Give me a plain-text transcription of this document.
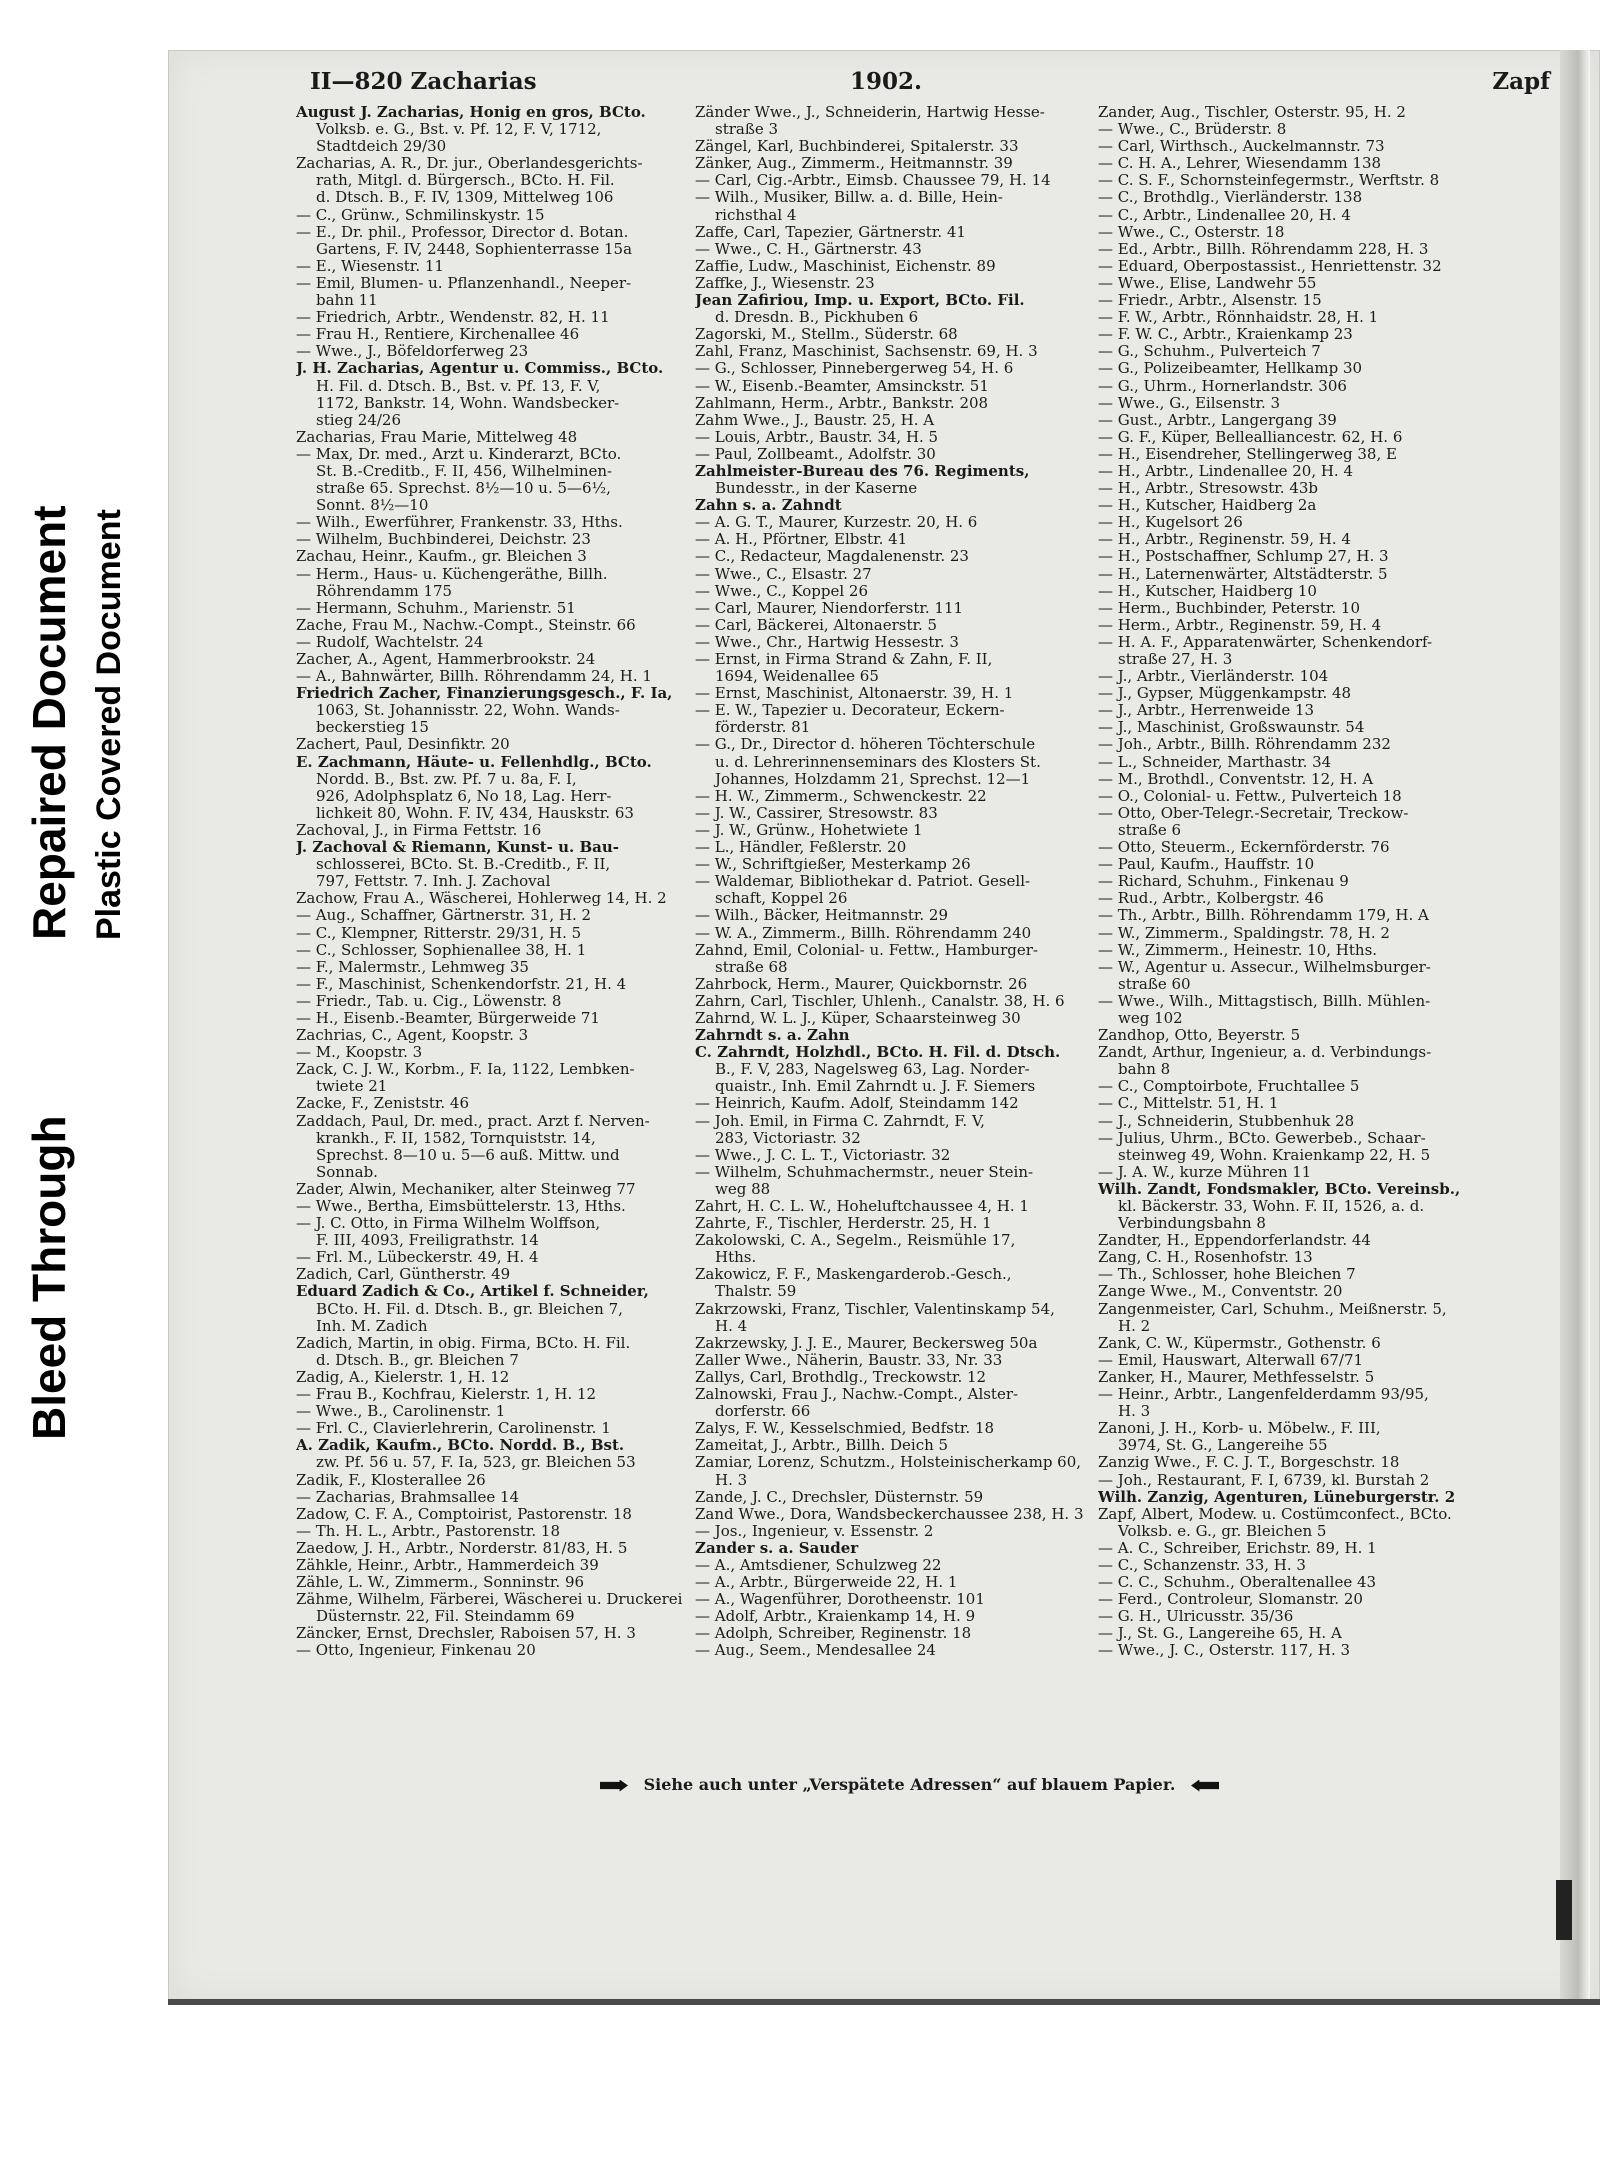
Bleed Through
Repaired Document Plastic Covered Document
II—820 Zacharias	1902.	Zapf
August J. Zacharias, Honig en gros, BCto.
Volksb. e. G., Bst. v. Pf. 12, F. V, 1712,
Stadtdeich 29/30
Zacharias, A. R., Dr. jur., Oberlandesgerichts-
rath, Mitgl. d. Bürgersch., BCto. H. Fil.
d. Dtsch. B., F. IV, 1309, Mittelweg 106
— C., Grünw., Schmilinskystr. 15
— E., Dr. phil., Professor, Director d. Botan.
Gartens, F. IV, 2448, Sophienterrasse 15a
— E., Wiesenstr. 11
— Emil, Blumen- u. Pflanzenhandl., Neeper-
bahn 11
— Friedrich, Arbtr., Wendenstr. 82, H. 11
— Frau H., Rentiere, Kirchenallee 46
— Wwe., J., Böfeldorferweg 23
J. H. Zacharias, Agentur u. Commiss., BCto.
H. Fil. d. Dtsch. B., Bst. v. Pf. 13, F. V,
1172, Bankstr. 14, Wohn. Wandsbecker-
stieg 24/26
Zacharias, Frau Marie, Mittelweg 48
— Max, Dr. med., Arzt u. Kinderarzt, BCto.
St. B.-Creditb., F. II, 456, Wilhelminen-
straße 65. Sprechst. 8½—10 u. 5—6½,
Sonnt. 8½—10
— Wilh., Ewerführer, Frankenstr. 33, Hths.
— Wilhelm, Buchbinderei, Deichstr. 23
Zachau, Heinr., Kaufm., gr. Bleichen 3
— Herm., Haus- u. Küchengeräthe, Billh.
Röhrendamm 175
— Hermann, Schuhm., Marienstr. 51
Zache, Frau M., Nachw.-Compt., Steinstr. 66
— Rudolf, Wachtelstr. 24
Zacher, A., Agent, Hammerbrookstr. 24
— A., Bahnwärter, Billh. Röhrendamm 24, H. 1
Friedrich Zacher, Finanzierungsgesch., F. Ia,
1063, St. Johannisstr. 22, Wohn. Wands-
beckerstieg 15
Zachert, Paul, Desinfiktr. 20
E. Zachmann, Häute- u. Fellenhdlg., BCto.
Nordd. B., Bst. zw. Pf. 7 u. 8a, F. I,
926, Adolphsplatz 6, No 18, Lag. Herr-
lichkeit 80, Wohn. F. IV, 434, Hauskstr. 63
Zachoval, J., in Firma Fettstr. 16
J. Zachoval & Riemann, Kunst- u. Bau-
schlosserei, BCto. St. B.-Creditb., F. II,
797, Fettstr. 7. Inh. J. Zachoval
Zachow, Frau A., Wäscherei, Hohlerweg 14, H. 2
— Aug., Schaffner, Gärtnerstr. 31, H. 2
— C., Klempner, Ritterstr. 29/31, H. 5
— C., Schlosser, Sophienallee 38, H. 1
— F., Malermstr., Lehmweg 35
— F., Maschinist, Schenkendorfstr. 21, H. 4
— Friedr., Tab. u. Cig., Löwenstr. 8
— H., Eisenb.-Beamter, Bürgerweide 71
Zachrias, C., Agent, Koopstr. 3
— M., Koopstr. 3
Zack, C. J. W., Korbm., F. Ia, 1122, Lembken-
twiete 21
Zacke, F., Zeniststr. 46
Zaddach, Paul, Dr. med., pract. Arzt f. Nerven-
krankh., F. II, 1582, Tornquiststr. 14,
Sprechst. 8—10 u. 5—6 auß. Mittw. und
Sonnab.
Zader, Alwin, Mechaniker, alter Steinweg 77
— Wwe., Bertha, Eimsbüttelerstr. 13, Hths.
— J. C. Otto, in Firma Wilhelm Wolffson,
F. III, 4093, Freiligrathstr. 14
— Frl. M., Lübeckerstr. 49, H. 4
Zadich, Carl, Güntherstr. 49
Eduard Zadich & Co., Artikel f. Schneider,
BCto. H. Fil. d. Dtsch. B., gr. Bleichen 7,
Inh. M. Zadich
Zadich, Martin, in obig. Firma, BCto. H. Fil.
d. Dtsch. B., gr. Bleichen 7
Zadig, A., Kielerstr. 1, H. 12
— Frau B., Kochfrau, Kielerstr. 1, H. 12
— Wwe., B., Carolinenstr. 1
— Frl. C., Clavierlehrerin, Carolinenstr. 1
A. Zadik, Kaufm., BCto. Nordd. B., Bst.
zw. Pf. 56 u. 57, F. Ia, 523, gr. Bleichen 53
Zadik, F., Klosterallee 26
— Zacharias, Brahmsallee 14
Zadow, C. F. A., Comptoirist, Pastorenstr. 18
— Th. H. L., Arbtr., Pastorenstr. 18
Zaedow, J. H., Arbtr., Norderstr. 81/83, H. 5
Zähkle, Heinr., Arbtr., Hammerdeich 39
Zähle, L. W., Zimmerm., Sonninstr. 96
Zähme, Wilhelm, Färberei, Wäscherei u. Druckerei
Düsternstr. 22, Fil. Steindamm 69
Zäncker, Ernst, Drechsler, Raboisen 57, H. 3
— Otto, Ingenieur, Finkenau 20
Zänder Wwe., J., Schneiderin, Hartwig Hesse-
straße 3
Zängel, Karl, Buchbinderei, Spitalerstr. 33
Zänker, Aug., Zimmerm., Heitmannstr. 39
— Carl, Cig.-Arbtr., Eimsb. Chaussee 79, H. 14
— Wilh., Musiker, Billw. a. d. Bille, Hein-
richsthal 4
Zaffe, Carl, Tapezier, Gärtnerstr. 41
— Wwe., C. H., Gärtnerstr. 43
Zaffie, Ludw., Maschinist, Eichenstr. 89
Zaffke, J., Wiesenstr. 23
Jean Zafiriou, Imp. u. Export, BCto. Fil.
d. Dresdn. B., Pickhuben 6
Zagorski, M., Stellm., Süderstr. 68
Zahl, Franz, Maschinist, Sachsenstr. 69, H. 3
— G., Schlosser, Pinnebergerweg 54, H. 6
— W., Eisenb.-Beamter, Amsinckstr. 51
Zahlmann, Herm., Arbtr., Bankstr. 208
Zahm Wwe., J., Baustr. 25, H. A
— Louis, Arbtr., Baustr. 34, H. 5
— Paul, Zollbeamt., Adolfstr. 30
Zahlmeister-Bureau des 76. Regiments,
Bundesstr., in der Kaserne
Zahn s. a. Zahndt
— A. G. T., Maurer, Kurzestr. 20, H. 6
— A. H., Pförtner, Elbstr. 41
— C., Redacteur, Magdalenenstr. 23
— Wwe., C., Elsastr. 27
— Wwe., C., Koppel 26
— Carl, Maurer, Niendorferstr. 111
— Carl, Bäckerei, Altonaerstr. 5
— Wwe., Chr., Hartwig Hessestr. 3
— Ernst, in Firma Strand & Zahn, F. II,
1694, Weidenallee 65
— Ernst, Maschinist, Altonaerstr. 39, H. 1
— E. W., Tapezier u. Decorateur, Eckern-
förderstr. 81
— G., Dr., Director d. höheren Töchterschule
u. d. Lehrerinnenseminars des Klosters St.
Johannes, Holzdamm 21, Sprechst. 12—1
— H. W., Zimmerm., Schwenckestr. 22
— J. W., Cassirer, Stresowstr. 83
— J. W., Grünw., Hohetwiete 1
— L., Händler, Feßlerstr. 20
— W., Schriftgießer, Mesterkamp 26
— Waldemar, Bibliothekar d. Patriot. Gesell-
schaft, Koppel 26
— Wilh., Bäcker, Heitmannstr. 29
— W. A., Zimmerm., Billh. Röhrendamm 240
Zahnd, Emil, Colonial- u. Fettw., Hamburger-
straße 68
Zahrbock, Herm., Maurer, Quickbornstr. 26
Zahrn, Carl, Tischler, Uhlenh., Canalstr. 38, H. 6
Zahrnd, W. L. J., Küper, Schaarsteinweg 30
Zahrndt s. a. Zahn
C. Zahrndt, Holzhdl., BCto. H. Fil. d. Dtsch.
B., F. V, 283, Nagelsweg 63, Lag. Norder-
quaistr., Inh. Emil Zahrndt u. J. F. Siemers
— Heinrich, Kaufm. Adolf, Steindamm 142
— Joh. Emil, in Firma C. Zahrndt, F. V,
283, Victoriastr. 32
— Wwe., J. C. L. T., Victoriastr. 32
— Wilhelm, Schuhmachermstr., neuer Stein-
weg 88
Zahrt, H. C. L. W., Hoheluftchaussee 4, H. 1
Zahrte, F., Tischler, Herderstr. 25, H. 1
Zakolowski, C. A., Segelm., Reismühle 17,
Hths.
Zakowicz, F. F., Maskengarderob.-Gesch.,
Thalstr. 59
Zakrzowski, Franz, Tischler, Valentinskamp 54,
H. 4
Zakrzewsky, J. J. E., Maurer, Beckersweg 50a
Zaller Wwe., Näherin, Baustr. 33, Nr. 33
Zallys, Carl, Brothdlg., Treckowstr. 12
Zalnowski, Frau J., Nachw.-Compt., Alster-
dorferstr. 66
Zalys, F. W., Kesselschmied, Bedfstr. 18
Zameitat, J., Arbtr., Billh. Deich 5
Zamiar, Lorenz, Schutzm., Holsteinischerkamp 60,
H. 3
Zande, J. C., Drechsler, Düsternstr. 59
Zand Wwe., Dora, Wandsbeckerchaussee 238, H. 3
— Jos., Ingenieur, v. Essenstr. 2
Zander s. a. Sauder
— A., Amtsdiener, Schulzweg 22
— A., Arbtr., Bürgerweide 22, H. 1
— A., Wagenführer, Dorotheenstr. 101
— Adolf, Arbtr., Kraienkamp 14, H. 9
— Adolph, Schreiber, Reginenstr. 18
— Aug., Seem., Mendesallee 24
Zander, Aug., Tischler, Osterstr. 95, H. 2
— Wwe., C., Brüderstr. 8
— Carl, Wirthsch., Auckelmannstr. 73
— C. H. A., Lehrer, Wiesendamm 138
— C. S. F., Schornsteinfegermstr., Werftstr. 8
— C., Brothdlg., Vierländerstr. 138
— C., Arbtr., Lindenallee 20, H. 4
— Wwe., C., Osterstr. 18
— Ed., Arbtr., Billh. Röhrendamm 228, H. 3
— Eduard, Oberpostassist., Henriettenstr. 32
— Wwe., Elise, Landwehr 55
— Friedr., Arbtr., Alsenstr. 15
— F. W., Arbtr., Rönnhaidstr. 28, H. 1
— F. W. C., Arbtr., Kraienkamp 23
— G., Schuhm., Pulverteich 7
— G., Polizeibeamter, Hellkamp 30
— G., Uhrm., Hornerlandstr. 306
— Wwe., G., Eilsenstr. 3
— Gust., Arbtr., Langergang 39
— G. F., Küper, Bellealliancestr. 62, H. 6
— H., Eisendreher, Stellingerweg 38, E
— H., Arbtr., Lindenallee 20, H. 4
— H., Arbtr., Stresowstr. 43b
— H., Kutscher, Haidberg 2a
— H., Kugelsort 26
— H., Arbtr., Reginenstr. 59, H. 4
— H., Postschaffner, Schlump 27, H. 3
— H., Laternenwärter, Altstädterstr. 5
— H., Kutscher, Haidberg 10
— Herm., Buchbinder, Peterstr. 10
— Herm., Arbtr., Reginenstr. 59, H. 4
— H. A. F., Apparatenwärter, Schenkendorf-
straße 27, H. 3
— J., Arbtr., Vierländerstr. 104
— J., Gypser, Müggenkampstr. 48
— J., Arbtr., Herrenweide 13
— J., Maschinist, Großswaunstr. 54
— Joh., Arbtr., Billh. Röhrendamm 232
— L., Schneider, Marthastr. 34
— M., Brothdl., Conventstr. 12, H. A
— O., Colonial- u. Fettw., Pulverteich 18
— Otto, Ober-Telegr.-Secretair, Treckow-
straße 6
— Otto, Steuerm., Eckernförderstr. 76
— Paul, Kaufm., Hauffstr. 10
— Richard, Schuhm., Finkenau 9
— Rud., Arbtr., Kolbergstr. 46
— Th., Arbtr., Billh. Röhrendamm 179, H. A
— W., Zimmerm., Spaldingstr. 78, H. 2
— W., Zimmerm., Heinestr. 10, Hths.
— W., Agentur u. Assecur., Wilhelmsburger-
straße 60
— Wwe., Wilh., Mittagstisch, Billh. Mühlen-
weg 102
Zandhop, Otto, Beyerstr. 5
Zandt, Arthur, Ingenieur, a. d. Verbindungs-
bahn 8
— C., Comptoirbote, Fruchtallee 5
— C., Mittelstr. 51, H. 1
— J., Schneiderin, Stubbenhuk 28
— Julius, Uhrm., BCto. Gewerbeb., Schaar-
steinweg 49, Wohn. Kraienkamp 22, H. 5
— J. A. W., kurze Mühren 11
Wilh. Zandt, Fondsmakler, BCto. Vereinsb.,
kl. Bäckerstr. 33, Wohn. F. II, 1526, a. d.
Verbindungsbahn 8
Zandter, H., Eppendorferlandstr. 44
Zang, C. H., Rosenhofstr. 13
— Th., Schlosser, hohe Bleichen 7
Zange Wwe., M., Conventstr. 20
Zangenmeister, Carl, Schuhm., Meißnerstr. 5,
H. 2
Zank, C. W., Küpermstr., Gothenstr. 6
— Emil, Hauswart, Alterwall 67/71
Zanker, H., Maurer, Methfesselstr. 5
— Heinr., Arbtr., Langenfelderdamm 93/95,
H. 3
Zanoni, J. H., Korb- u. Möbelw., F. III,
3974, St. G., Langereihe 55
Zanzig Wwe., F. C. J. T., Borgeschstr. 18
— Joh., Restaurant, F. I, 6739, kl. Burstah 2
Wilh. Zanzig, Agenturen, Lüneburgerstr. 2
Zapf, Albert, Modew. u. Costümconfect., BCto.
Volksb. e. G., gr. Bleichen 5
— A. C., Schreiber, Erichstr. 89, H. 1
— C., Schanzenstr. 33, H. 3
— C. C., Schuhm., Oberaltenallee 43
— Ferd., Controleur, Slomanstr. 20
— G. H., Ulricusstr. 35/36
— J., St. G., Langereihe 65, H. A
— Wwe., J. C., Osterstr. 117, H. 3
Siehe auch unter „Verspätete Adressen“ auf blauem Papier.
